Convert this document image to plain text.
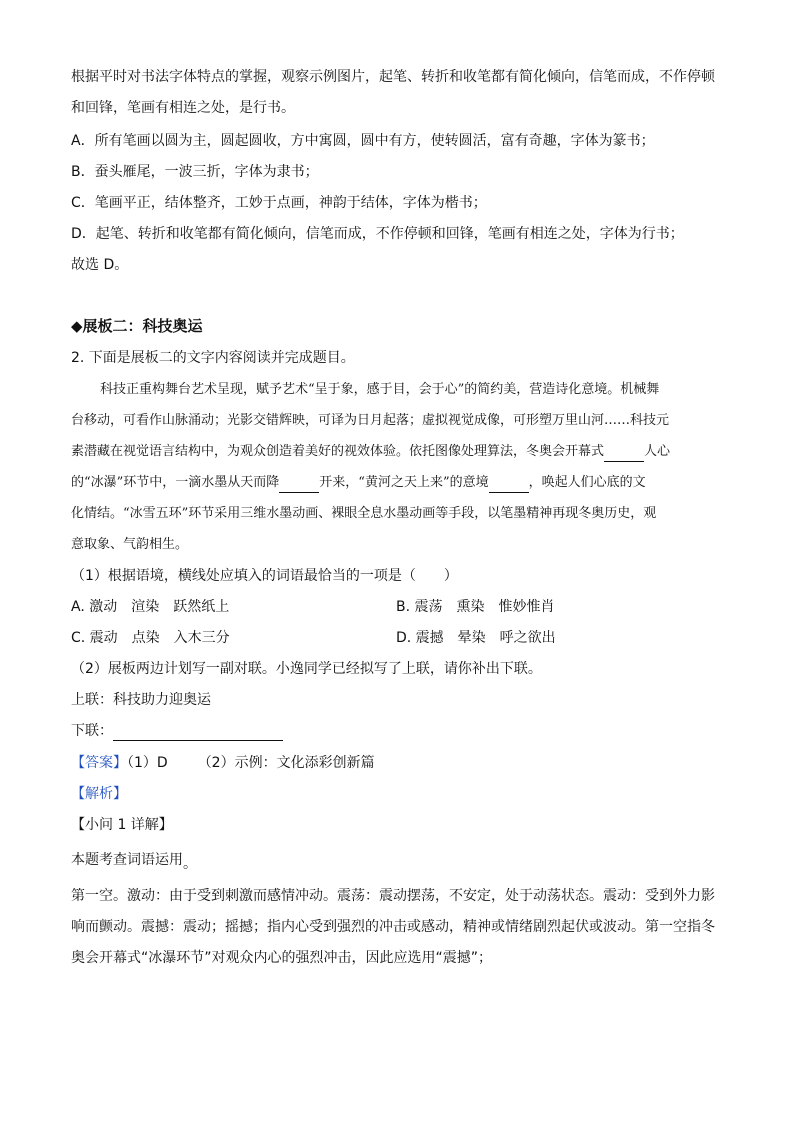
根据平时对书法字体特点的掌握，观察示例图片，起笔、转折和收笔都有简化倾向，信笔而成，不作停顿
和回锋，笔画有相连之处，是行书。
A．所有笔画以圆为主，圆起圆收，方中寓圆，圆中有方，使转圆活，富有奇趣，字体为篆书；
B．蚕头雁尾，一波三折，字体为隶书；
C．笔画平正，结体整齐，工妙于点画，神韵于结体，字体为楷书；
D．起笔、转折和收笔都有简化倾向，信笔而成，不作停顿和回锋，笔画有相连之处，字体为行书；
故选 D。
◆展板二：科技奥运
2. 下面是展板二的文字内容阅读并完成题目。
科技正重构舞台艺术呈现，赋予艺术“呈于象，感于目，会于心”的简约美，营造诗化意境。机械舞
台移动，可看作山脉涌动；光影交错辉映，可译为日月起落；虚拟视觉成像，可形塑万里山河……科技元
素潜藏在视觉语言结构中，为观众创造着美好的视效体验。依托图像处理算法，冬奥会开幕式	人心
的“冰瀑”环节中，一滴水墨从天而降	开来，“黄河之天上来”的意境	，唤起人们心底的文
化情结。“冰雪五环”环节采用三维水墨动画、裸眼全息水墨动画等手段，以笔墨精神再现冬奥历史，观
意取象、气韵相生。
（1）根据语境，横线处应填入的词语最恰当的一项是（　　）
A. 激动　渲染　跃然纸上	B. 震荡　熏染　惟妙惟肖
C. 震动　点染　入木三分	D. 震撼　晕染　呼之欲出
（2）展板两边计划写一副对联。小逸同学已经拟写了上联，请你补出下联。
上联：科技助力迎奥运
下联：
【答案】（1）D （2）示例：文化添彩创新篇
【解析】
【小问 1 详解】
本题考查词语运用。
第一空。激动：由于受到刺激而感情冲动。震荡：震动摆荡，不安定，处于动荡状态。震动：受到外力影
响而颤动。震撼：震动；摇撼；指内心受到强烈的冲击或感动，精神或情绪剧烈起伏或波动。第一空指冬
奥会开幕式“冰瀑环节”对观众内心的强烈冲击，因此应选用“震撼”；
